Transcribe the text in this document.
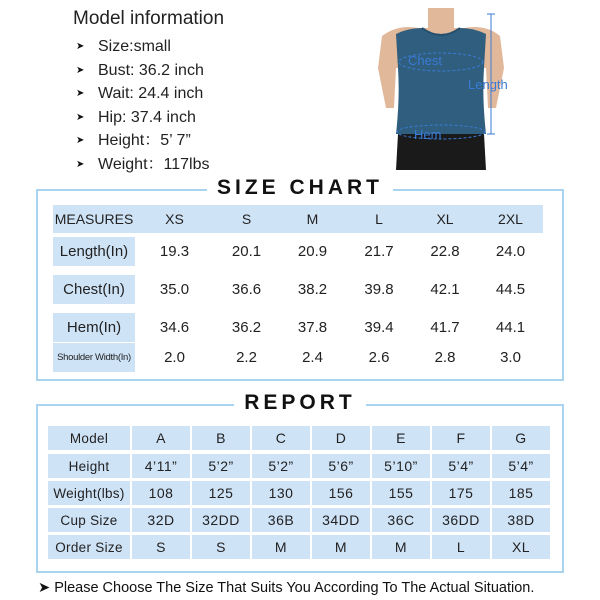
Model information
➤ Size:small
➤ Bust: 36.2 inch
➤ Wait: 24.4 inch
➤ Hip: 37.4 inch
➤ Height：5’ 7”
➤ Weight：117lbs
Chest
Length
Hem
SIZE CHART
MEASURES	XS	S	M	L	XL	2XL
Length(In)	19.3	20.1	20.9	21.7	22.8	24.0
Chest(In)	35.0	36.6	38.2	39.8	42.1	44.5
Hem(In)	34.6	36.2	37.8	39.4	41.7	44.1
Shoulder Width(In)	2.0	2.2	2.4	2.6	2.8	3.0
REPORT
Model	A	B	C	D	E	F	G
Height	4’11”	5’2”	5’2”	5’6”	5’10”	5’4”	5’4”
Weight(lbs)	108	125	130	156	155	175	185
Cup Size	32D	32DD	36B	34DD	36C	36DD	38D
Order Size	S	S	M	M	M	L	XL
➤ Please Choose The Size That Suits You According To The Actual Situation.
